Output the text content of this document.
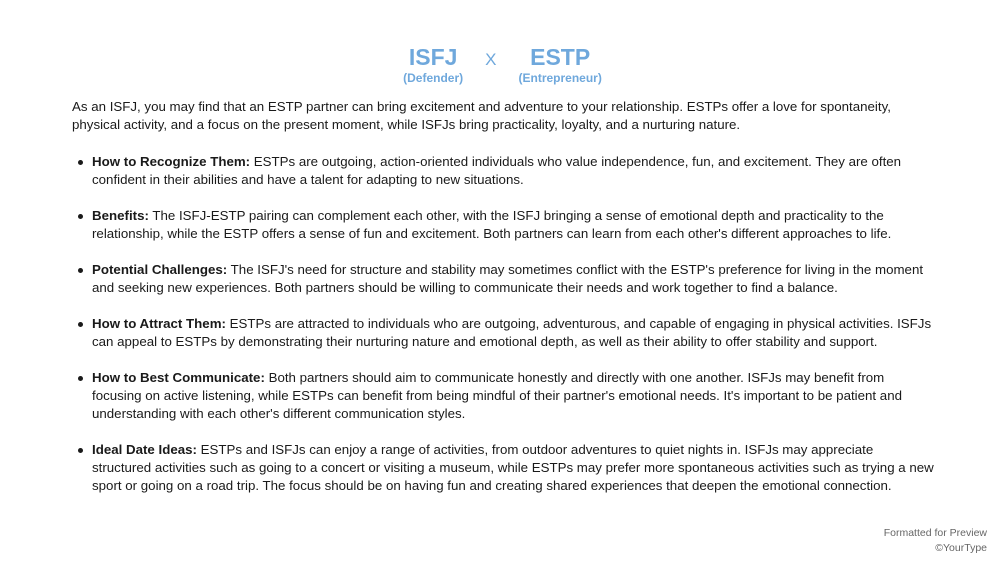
ISFJ
(Defender)
X ESTP
(Entrepreneur)

As an ISFJ, you may find that an ESTP partner can bring excitement and adventure to your relationship. ESTPs offer a love for spontaneity, physical activity, and a focus on the present moment, while ISFJs bring practicality, loyalty, and a nurturing nature.

How to Recognize Them: ESTPs are outgoing, action-oriented individuals who value independence, fun, and excitement. They are often confident in their abilities and have a talent for adapting to new situations.
Benefits: The ISFJ-ESTP pairing can complement each other, with the ISFJ bringing a sense of emotional depth and practicality to the relationship, while the ESTP offers a sense of fun and excitement. Both partners can learn from each other's different approaches to life.
Potential Challenges: The ISFJ's need for structure and stability may sometimes conflict with the ESTP's preference for living in the moment and seeking new experiences. Both partners should be willing to communicate their needs and work together to find a balance.
How to Attract Them: ESTPs are attracted to individuals who are outgoing, adventurous, and capable of engaging in physical activities. ISFJs can appeal to ESTPs by demonstrating their nurturing nature and emotional depth, as well as their ability to offer stability and support.
How to Best Communicate: Both partners should aim to communicate honestly and directly with one another. ISFJs may benefit from focusing on active listening, while ESTPs can benefit from being mindful of their partner's emotional needs. It's important to be patient and understanding with each other's different communication styles.
Ideal Date Ideas: ESTPs and ISFJs can enjoy a range of activities, from outdoor adventures to quiet nights in. ISFJs may appreciate structured activities such as going to a concert or visiting a museum, while ESTPs may prefer more spontaneous activities such as trying a new sport or going on a road trip. The focus should be on having fun and creating shared experiences that deepen the emotional connection.
Formatted for Preview
©YourType
